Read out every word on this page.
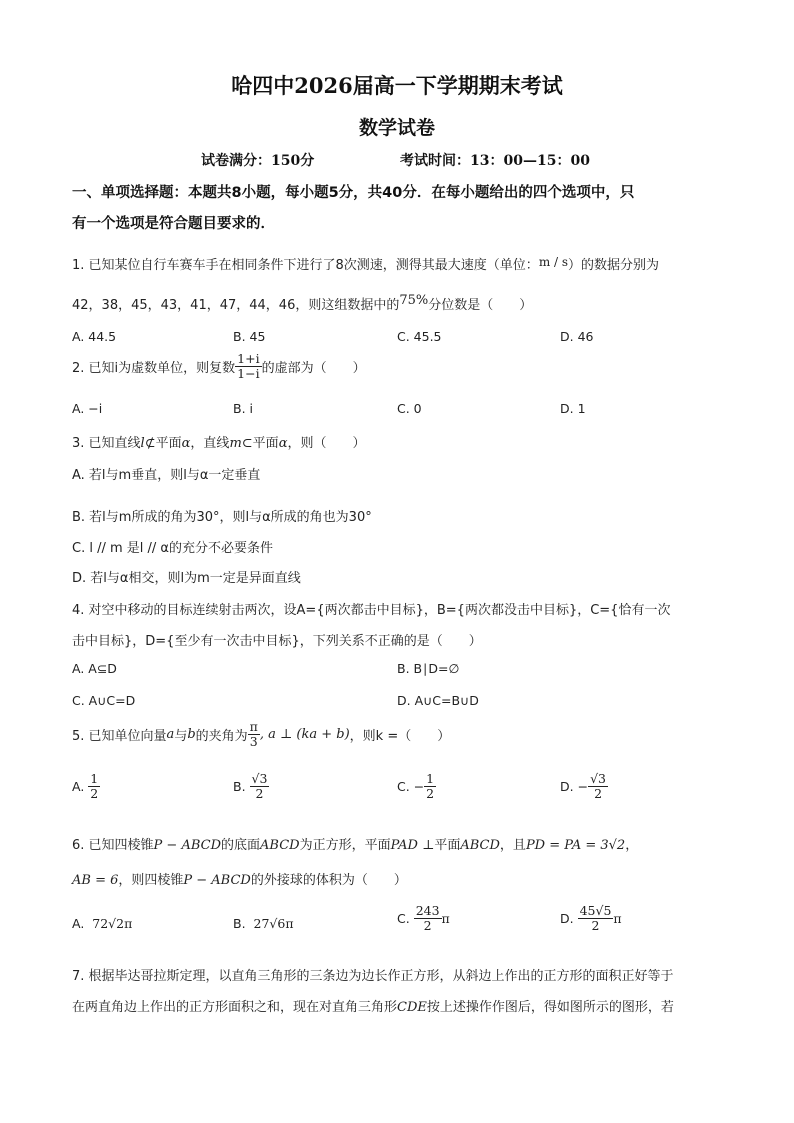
哈四中2026届高一下学期期末考试
数学试卷
试卷满分：150分	考试时间：13：00—15：00
一、单项选择题：本题共8小题，每小题5分，共40分．在每小题给出的四个选项中，只
有一个选项是符合题目要求的．
1. 已知某位自行车赛车手在相同条件下进行了8次测速，测得其最大速度（单位：m / s）的数据分别为
42，38，45，43，41，47，44，46，则这组数据中的75%分位数是（　　）
A. 44.5	B. 45	C. 45.5	D. 46
2. 已知i为虚数单位，则复数 $\frac{1+i}{1-i}$ 的虚部为（　　）
A. −i	B. i	C. 0	D. 1
3. 已知直线l⊄平面α，直线m⊂平面α，则（　　）
A. 若l与m垂直，则l与α一定垂直
B. 若l与m所成的角为30°，则l与α所成的角也为30°
C. l // m 是l // α的充分不必要条件
D. 若l与α相交，则l为m一定是异面直线
4. 对空中移动的目标连续射击两次，设A={两次都击中目标}，B={两次都没击中目标}，C={恰有一次
击中目标}，D={至少有一次击中目标}，下列关系不正确的是（　　）
A. A⊆D	B. B∣D=∅
C. A∪C=D	D. A∪C=B∪D
5. 已知单位向量a与b的夹角为 $\frac{\pi}{3}$ , a ⊥ (ka + b)，则k =（　　）
A. $\frac{1}{2}$	B. $\frac{√3}{2}$	C. − $\frac{1}{2}$	D. − $\frac{√3}{2}$
6. 已知四棱锥P − ABCD的底面ABCD为正方形，平面PAD ⊥平面ABCD，且PD = PA = 3√2，
AB = 6，则四棱锥P − ABCD的外接球的体积为（　　）
A. 72√2π	B. 27√6π	C. $\frac{243}{2}$ π	D. $\frac{45√5}{2}$ π
7. 根据毕达哥拉斯定理，以直角三角形的三条边为边长作正方形，从斜边上作出的正方形的面积正好等于
在两直角边上作出的正方形面积之和，现在对直角三角形CDE按上述操作作图后，得如图所示的图形，若
